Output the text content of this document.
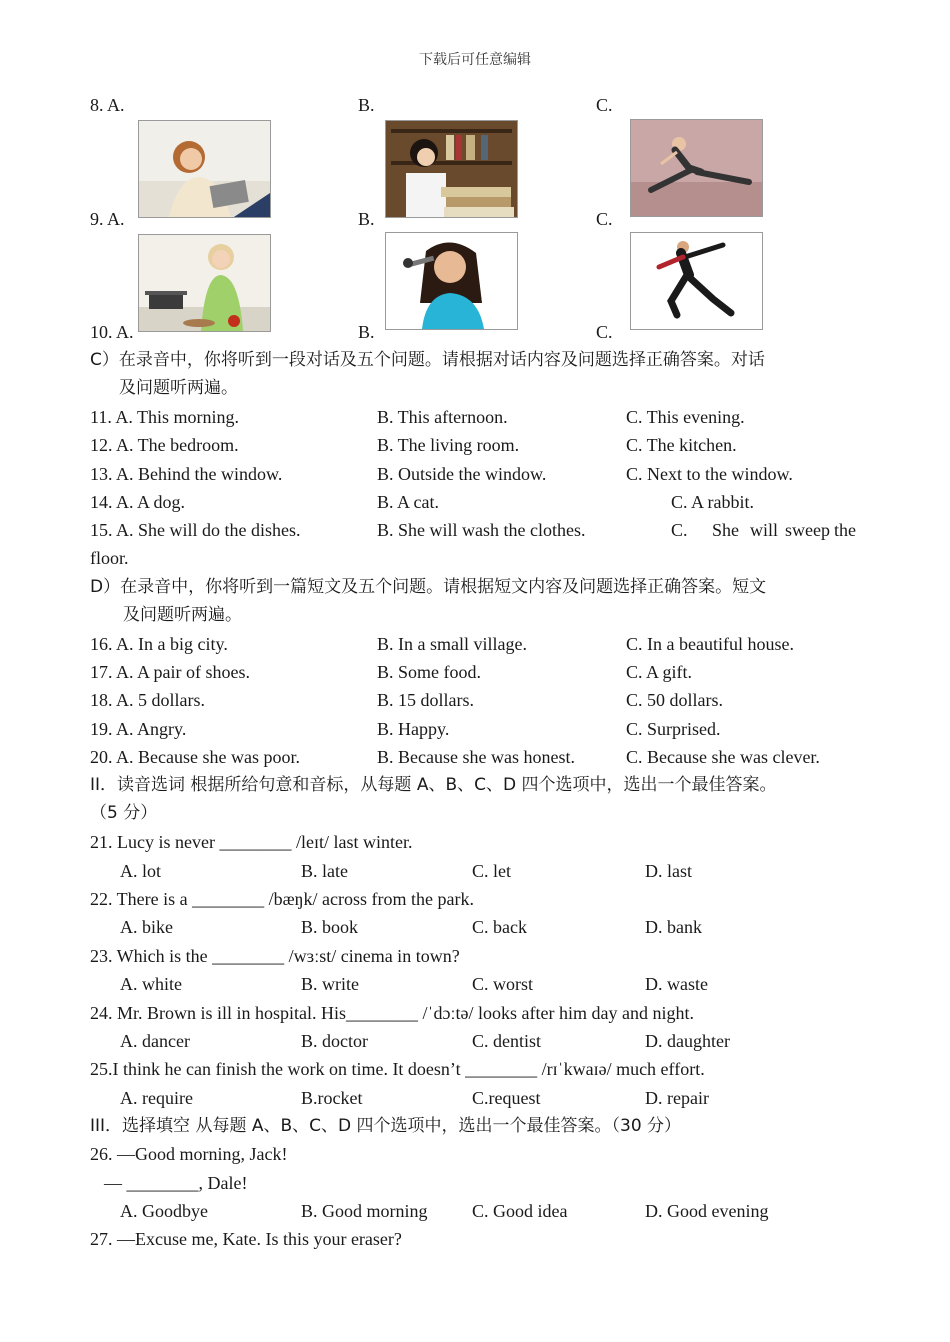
下载后可任意编辑
8. A.	B.	C.
9. A.	B.	C.
10. A.	B.	C.
C）在录音中，你将听到一段对话及五个问题。请根据对话内容及问题选择正确答案。对话
及问题听两遍。
11. A. This morning.	B. This afternoon.	C. This evening.
12. A. The bedroom.	B. The living room.	C. The kitchen.
13. A. Behind the window.	B. Outside the window.	C. Next to the window.
14. A. A dog.	B. A cat.	C. A rabbit.
15. A. She will do the dishes.	B. She will wash the clothes.	C. She will sweep the
floor.
D）在录音中，你将听到一篇短文及五个问题。请根据短文内容及问题选择正确答案。短文
及问题听两遍。
16. A. In a big city.	B. In a small village.	C. In a beautiful house.
17. A. A pair of shoes.	B. Some food.	C. A gift.
18. A. 5 dollars.	B. 15 dollars.	C. 50 dollars.
19. A. Angry.	B. Happy.	C. Surprised.
20. A. Because she was poor.	B. Because she was honest.	C. Because she was clever.
II．读音选词 根据所给句意和音标，从每题 A、B、C、D 四个选项中，选出一个最佳答案。
（5 分）
21. Lucy is never ________ /leɪt/ last winter.
A. lot	B. late	C. let	D. last
22. There is a ________ /bæŋk/ across from the park.
A. bike	B. book	C. back	D. bank
23. Which is the ________ /wɜːst/ cinema in town?
A. white	B. write	C. worst	D. waste
24. Mr. Brown is ill in hospital. His________ /ˈdɔːtə/ looks after him day and night.
A. dancer	B. doctor	C. dentist	D. daughter
25.I think he can finish the work on time. It doesn’t ________ /rɪˈkwaɪə/ much effort.
A. require	B.rocket	C.request	D. repair
III．选择填空 从每题 A、B、C、D 四个选项中，选出一个最佳答案。（30 分）
26. —Good morning, Jack!
— ________, Dale!
A. Goodbye	B. Good morning C. Good idea	D. Good evening
27. —Excuse me, Kate. Is this your eraser?
